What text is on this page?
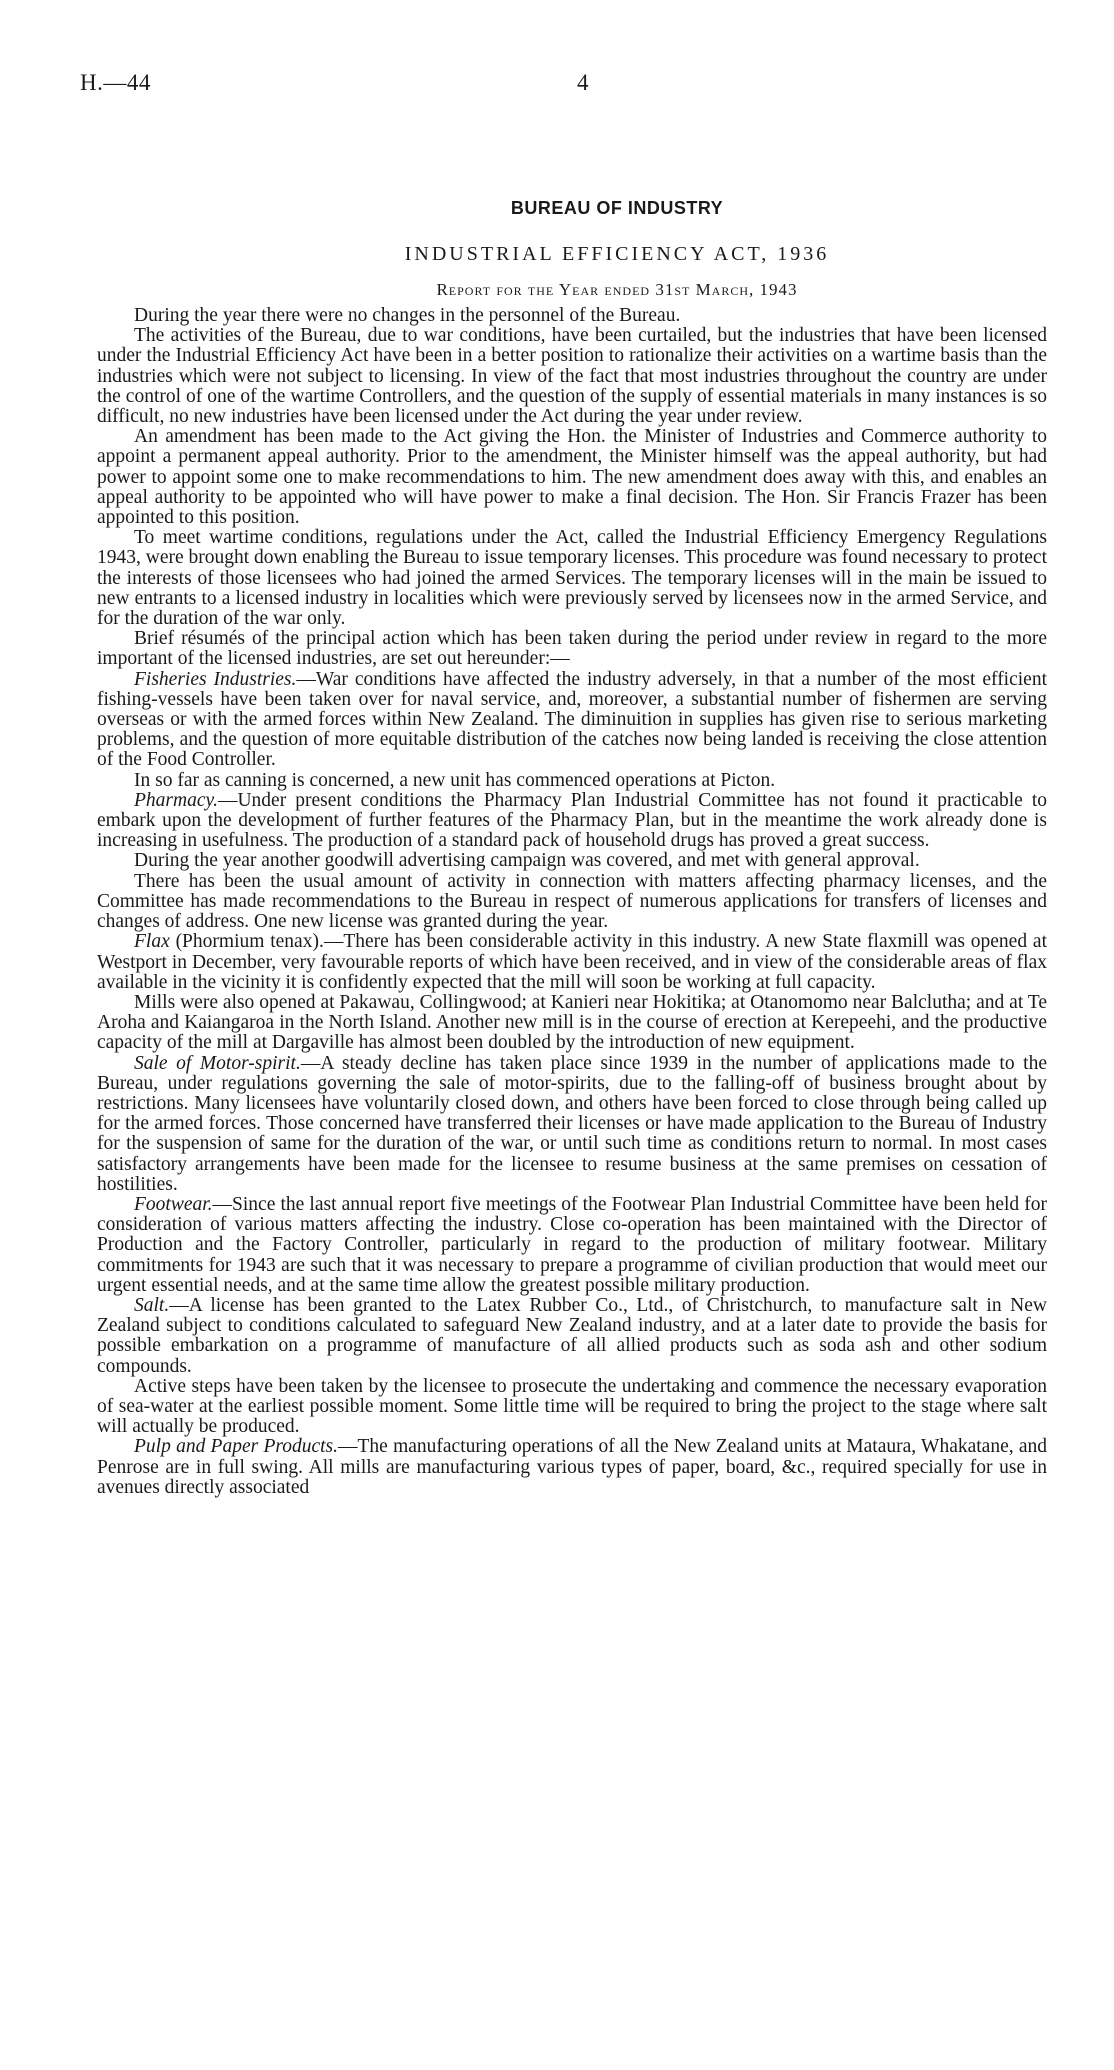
H.—44	4
BUREAU OF INDUSTRY
INDUSTRIAL EFFICIENCY ACT, 1936
Report for the Year ended 31st March, 1943

During the year there were no changes in the personnel of the Bureau.

The activities of the Bureau, due to war conditions, have been curtailed, but the industries that have been licensed under the Industrial Efficiency Act have been in a better position to rationalize their activities on a wartime basis than the industries which were not subject to licensing. In view of the fact that most industries throughout the country are under the control of one of the wartime Controllers, and the question of the supply of essential materials in many instances is so difficult, no new industries have been licensed under the Act during the year under review.

An amendment has been made to the Act giving the Hon. the Minister of Industries and Commerce authority to appoint a permanent appeal authority. Prior to the amendment, the Minister himself was the appeal authority, but had power to appoint some one to make recommendations to him. The new amendment does away with this, and enables an appeal authority to be appointed who will have power to make a final decision. The Hon. Sir Francis Frazer has been appointed to this position.

To meet wartime conditions, regulations under the Act, called the Industrial Efficiency Emergency Regulations 1943, were brought down enabling the Bureau to issue temporary licenses. This procedure was found necessary to protect the interests of those licensees who had joined the armed Services. The temporary licenses will in the main be issued to new entrants to a licensed industry in localities which were previously served by licensees now in the armed Service, and for the duration of the war only.

Brief résumés of the principal action which has been taken during the period under review in regard to the more important of the licensed industries, are set out hereunder:—

Fisheries Industries.—War conditions have affected the industry adversely, in that a number of the most efficient fishing-vessels have been taken over for naval service, and, moreover, a substantial number of fishermen are serving overseas or with the armed forces within New Zealand. The diminuition in supplies has given rise to serious marketing problems, and the question of more equitable distribution of the catches now being landed is receiving the close attention of the Food Controller.

In so far as canning is concerned, a new unit has commenced operations at Picton.

Pharmacy.—Under present conditions the Pharmacy Plan Industrial Committee has not found it practicable to embark upon the development of further features of the Pharmacy Plan, but in the meantime the work already done is increasing in usefulness. The production of a standard pack of household drugs has proved a great success.

During the year another goodwill advertising campaign was covered, and met with general approval.

There has been the usual amount of activity in connection with matters affecting pharmacy licenses, and the Committee has made recommendations to the Bureau in respect of numerous applications for transfers of licenses and changes of address. One new license was granted during the year.

Flax (Phormium tenax).—There has been considerable activity in this industry. A new State flaxmill was opened at Westport in December, very favourable reports of which have been received, and in view of the considerable areas of flax available in the vicinity it is confidently expected that the mill will soon be working at full capacity.

Mills were also opened at Pakawau, Collingwood; at Kanieri near Hokitika; at Otanomomo near Balclutha; and at Te Aroha and Kaiangaroa in the North Island. Another new mill is in the course of erection at Kerepeehi, and the productive capacity of the mill at Dargaville has almost been doubled by the introduction of new equipment.

Sale of Motor-spirit.—A steady decline has taken place since 1939 in the number of applications made to the Bureau, under regulations governing the sale of motor-spirits, due to the falling-off of business brought about by restrictions. Many licensees have voluntarily closed down, and others have been forced to close through being called up for the armed forces. Those concerned have transferred their licenses or have made application to the Bureau of Industry for the suspension of same for the duration of the war, or until such time as conditions return to normal. In most cases satisfactory arrangements have been made for the licensee to resume business at the same premises on cessation of hostilities.

Footwear.—Since the last annual report five meetings of the Footwear Plan Industrial Committee have been held for consideration of various matters affecting the industry. Close co-operation has been maintained with the Director of Production and the Factory Controller, particularly in regard to the production of military footwear. Military commitments for 1943 are such that it was necessary to prepare a programme of civilian production that would meet our urgent essential needs, and at the same time allow the greatest possible military production.

Salt.—A license has been granted to the Latex Rubber Co., Ltd., of Christchurch, to manufacture salt in New Zealand subject to conditions calculated to safeguard New Zealand industry, and at a later date to provide the basis for possible embarkation on a programme of manufacture of all allied products such as soda ash and other sodium compounds.

Active steps have been taken by the licensee to prosecute the undertaking and commence the necessary evaporation of sea-water at the earliest possible moment. Some little time will be required to bring the project to the stage where salt will actually be produced.

Pulp and Paper Products.—The manufacturing operations of all the New Zealand units at Mataura, Whakatane, and Penrose are in full swing. All mills are manufacturing various types of paper, board, &c., required specially for use in avenues directly associated
